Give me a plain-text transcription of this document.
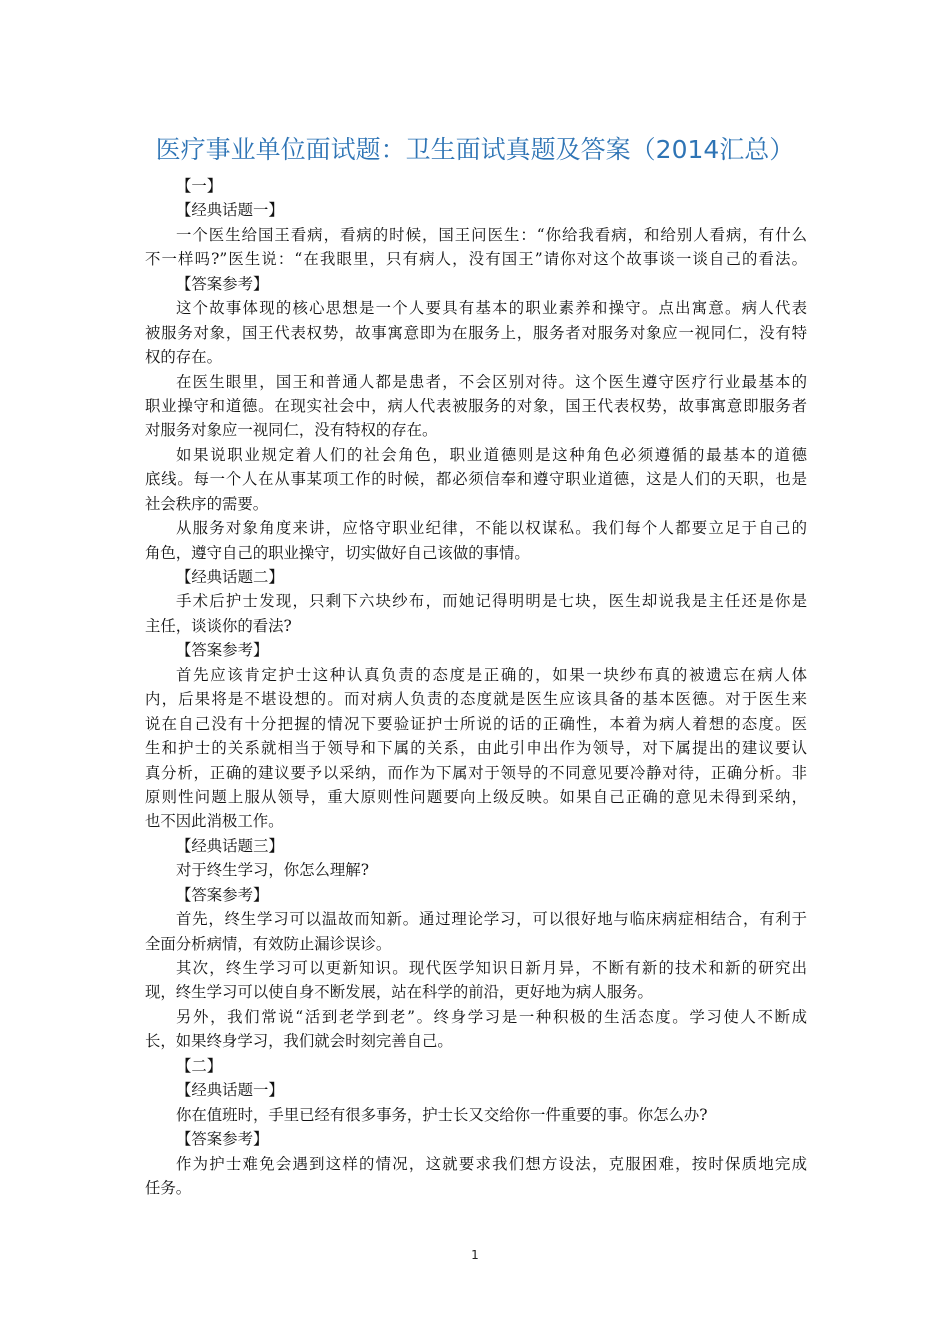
医疗事业单位面试题：卫生面试真题及答案（2014汇总）
【一】
【经典话题一】
一个医生给国王看病，看病的时候，国王问医生：“你给我看病，和给别人看病，有什么
不一样吗?”医生说：“在我眼里，只有病人，没有国王”请你对这个故事谈一谈自己的看法。
【答案参考】
这个故事体现的核心思想是一个人要具有基本的职业素养和操守。点出寓意。病人代表
被服务对象，国王代表权势，故事寓意即为在服务上，服务者对服务对象应一视同仁，没有特
权的存在。
在医生眼里，国王和普通人都是患者，不会区别对待。这个医生遵守医疗行业最基本的
职业操守和道德。在现实社会中，病人代表被服务的对象，国王代表权势，故事寓意即服务者
对服务对象应一视同仁，没有特权的存在。
如果说职业规定着人们的社会角色，职业道德则是这种角色必须遵循的最基本的道德
底线。每一个人在从事某项工作的时候，都必须信奉和遵守职业道德，这是人们的天职，也是
社会秩序的需要。
从服务对象角度来讲，应恪守职业纪律，不能以权谋私。我们每个人都要立足于自己的
角色，遵守自己的职业操守，切实做好自己该做的事情。
【经典话题二】
手术后护士发现，只剩下六块纱布，而她记得明明是七块，医生却说我是主任还是你是
主任，谈谈你的看法?
【答案参考】
首先应该肯定护士这种认真负责的态度是正确的，如果一块纱布真的被遗忘在病人体
内，后果将是不堪设想的。而对病人负责的态度就是医生应该具备的基本医德。对于医生来
说在自己没有十分把握的情况下要验证护士所说的话的正确性，本着为病人着想的态度。医
生和护士的关系就相当于领导和下属的关系，由此引申出作为领导，对下属提出的建议要认
真分析，正确的建议要予以采纳，而作为下属对于领导的不同意见要冷静对待，正确分析。非
原则性问题上服从领导，重大原则性问题要向上级反映。如果自己正确的意见未得到采纳，
也不因此消极工作。
【经典话题三】
对于终生学习，你怎么理解?
【答案参考】
首先，终生学习可以温故而知新。通过理论学习，可以很好地与临床病症相结合，有利于
全面分析病情，有效防止漏诊误诊。
其次，终生学习可以更新知识。现代医学知识日新月异，不断有新的技术和新的研究出
现，终生学习可以使自身不断发展，站在科学的前沿，更好地为病人服务。
另外，我们常说“活到老学到老”。终身学习是一种积极的生活态度。学习使人不断成
长，如果终身学习，我们就会时刻完善自己。
【二】
【经典话题一】
你在值班时，手里已经有很多事务，护士长又交给你一件重要的事。你怎么办?
【答案参考】
作为护士难免会遇到这样的情况，这就要求我们想方设法，克服困难，按时保质地完成
任务。
1
